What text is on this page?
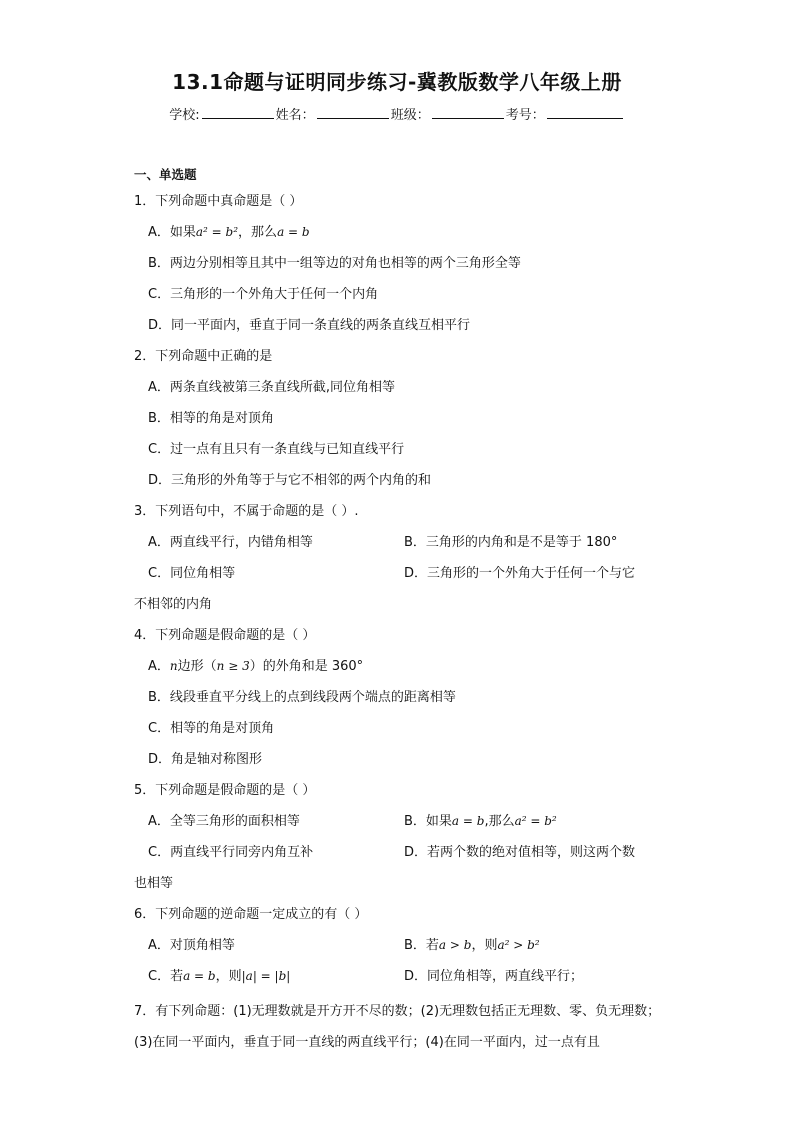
13.1命题与证明同步练习-冀教版数学八年级上册
学校:	姓名：	班级：	考号：
一、单选题
1．下列命题中真命题是（ ）
A．如果a² = b²，那么a = b
B．两边分别相等且其中一组等边的对角也相等的两个三角形全等
C．三角形的一个外角大于任何一个内角
D．同一平面内，垂直于同一条直线的两条直线互相平行
2．下列命题中正确的是
A．两条直线被第三条直线所截,同位角相等
B．相等的角是对顶角
C．过一点有且只有一条直线与已知直线平行
D．三角形的外角等于与它不相邻的两个内角的和
3．下列语句中，不属于命题的是（ ）.
A．两直线平行，内错角相等	B．三角形的内角和是不是等于 180°
C．同位角相等	D．三角形的一个外角大于任何一个与它
不相邻的内角
4．下列命题是假命题的是（ ）
A．n边形（n ≥ 3）的外角和是 360°
B．线段垂直平分线上的点到线段两个端点的距离相等
C．相等的角是对顶角
D．角是轴对称图形
5．下列命题是假命题的是（ ）
A．全等三角形的面积相等	B．如果a = b,那么a² = b²
C．两直线平行同旁内角互补	D．若两个数的绝对值相等，则这两个数
也相等
6．下列命题的逆命题一定成立的有（ ）
A．对顶角相等	B．若a > b，则a² > b²
C．若a = b，则|a| = |b|	D．同位角相等，两直线平行；
7．有下列命题：(1)无理数就是开方开不尽的数；(2)无理数包括正无理数、零、负无理数；(3)在同一平面内，垂直于同一直线的两直线平行；(4)在同一平面内，过一点有且
